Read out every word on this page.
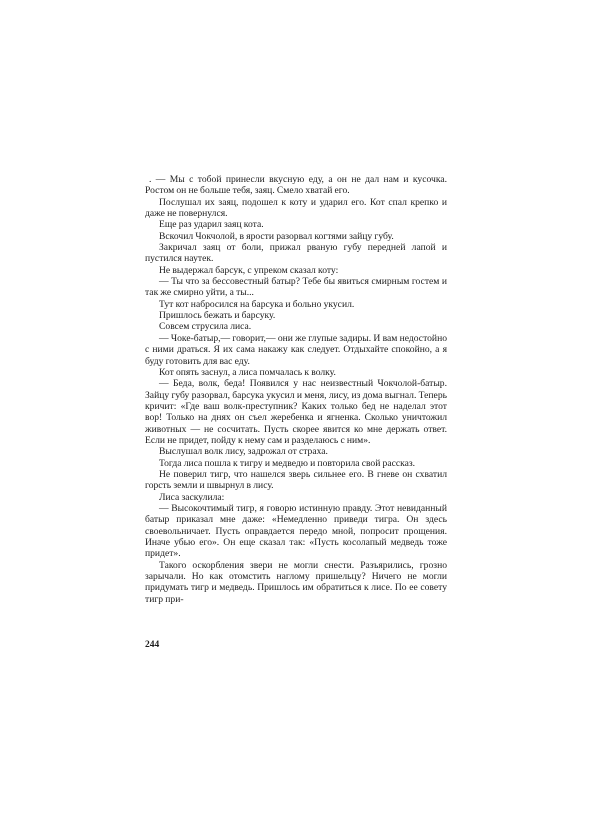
. — Мы с тобой принесли вкусную еду, а он не дал нам и кусочка. Ростом он не больше тебя, заяц. Смело хватай его.

Послушал их заяц, подошел к коту и ударил его. Кот спал крепко и даже не повернулся.

Еще раз ударил заяц кота.

Вскочил Чокчолой, в ярости разорвал когтями зайцу губу.

Закричал заяц от боли, прижал рваную губу передней лапой и пустился наутек.

Не выдержал барсук, с упреком сказал коту:

— Ты что за бессовестный батыр? Тебе бы явиться смирным гостем и так же смирно уйти, а ты...

Тут кот набросился на барсука и больно укусил.

Пришлось бежать и барсуку.

Совсем струсила лиса.

— Чоке-батыр,— говорит,— они же глупые задиры. И вам недостойно с ними драться. Я их сама накажу как следует. Отдыхайте спокойно, а я буду готовить для вас еду.

Кот опять заснул, а лиса помчалась к волку.

— Беда, волк, беда! Появился у нас неизвестный Чокчолой-батыр. Зайцу губу разорвал, барсука укусил и меня, лису, из дома выгнал. Теперь кричит: «Где ваш волк-преступник? Каких только бед не наделал этот вор! Только на днях он съел жеребенка и ягненка. Сколько уничтожил животных — не сосчитать. Пусть скорее явится ко мне держать ответ. Если не придет, пойду к нему сам и разделаюсь с ним».

Выслушал волк лису, задрожал от страха.

Тогда лиса пошла к тигру и медведю и повторила свой рассказ.

Не поверил тигр, что нашелся зверь сильнее его. В гневе он схватил горсть земли и швырнул в лису.

Лиса заскулила:

— Высокочтимый тигр, я говорю истинную правду. Этот невиданный батыр приказал мне даже: «Немедленно приведи тигра. Он здесь своевольничает. Пусть оправдается передо мной, попросит прощения. Иначе убью его». Он еще сказал так: «Пусть косолапый медведь тоже придет».

Такого оскорбления звери не могли снести. Разъярились, грозно зарычали. Но как отомстить наглому пришельцу? Ничего не могли придумать тигр и медведь. Пришлось им обратиться к лисе. По ее совету тигр при-

244
